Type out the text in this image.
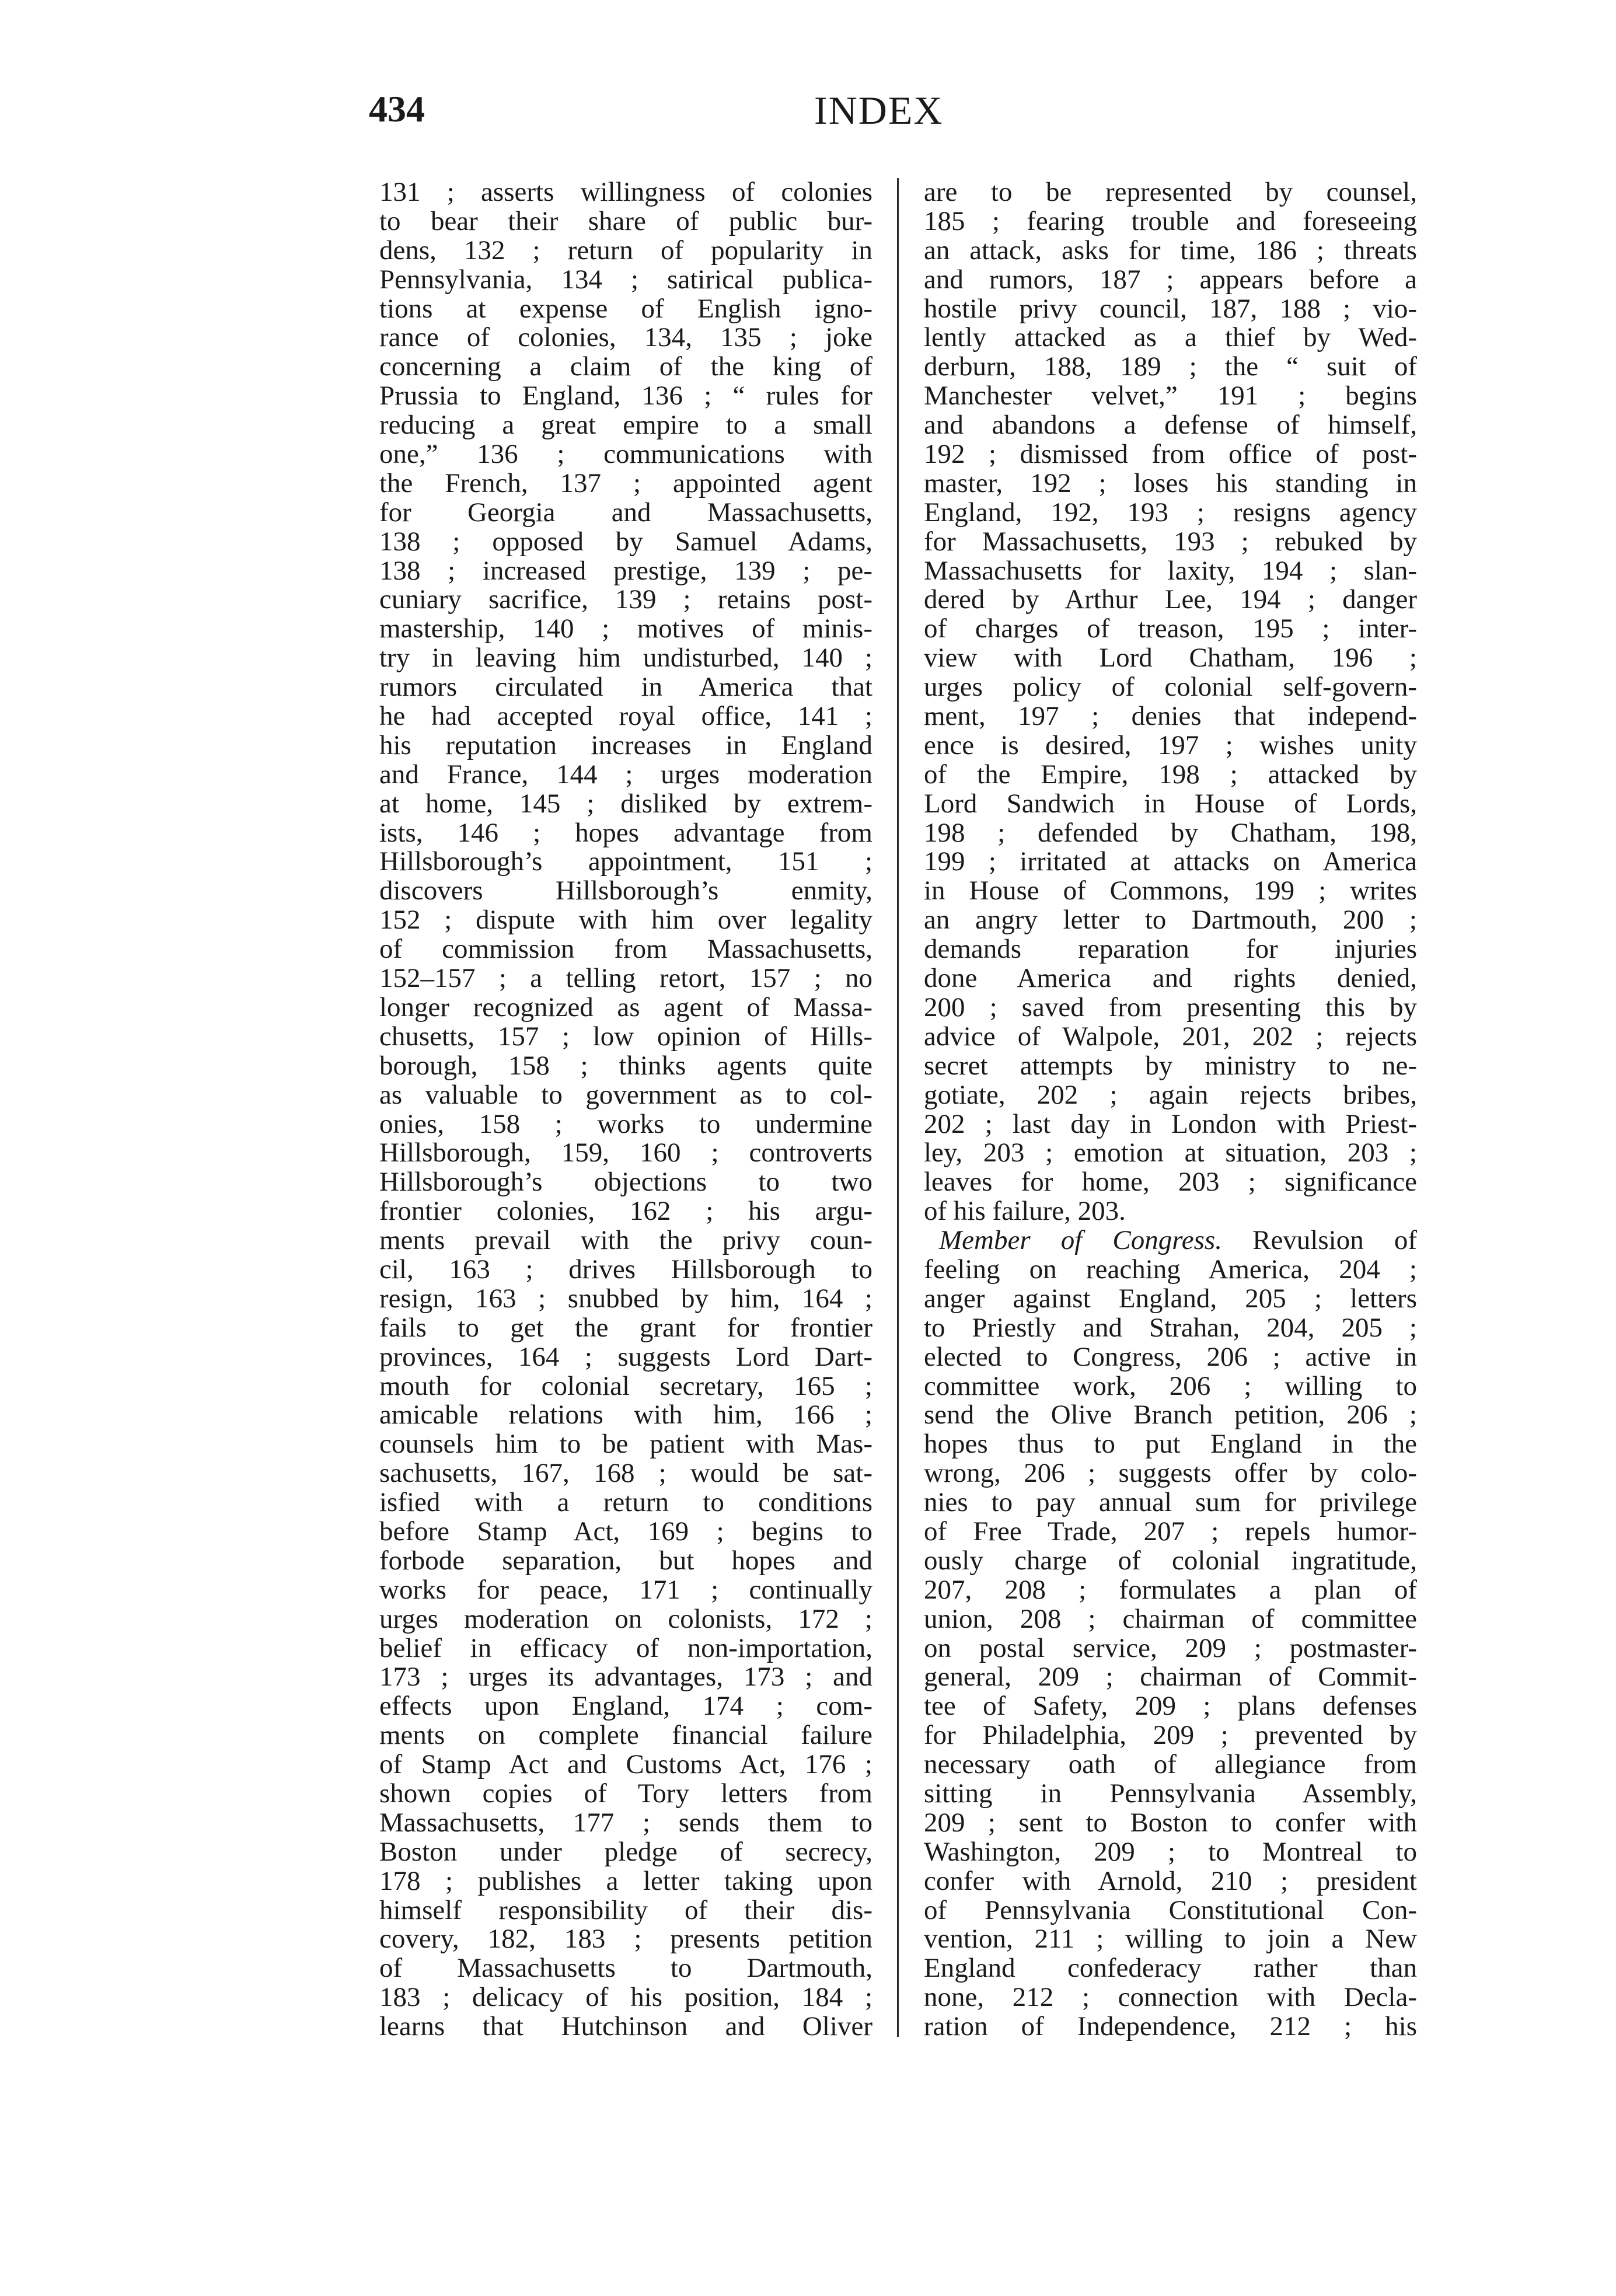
434	INDEX
131 ; asserts willingness of colonies
to bear their share of public bur-
dens, 132 ; return of popularity in
Pennsylvania, 134 ; satirical publica-
tions at expense of English igno-
rance of colonies, 134, 135 ; joke
concerning a claim of the king of
Prussia to England, 136 ; “ rules for
reducing a great empire to a small
one,” 136 ; communications with
the French, 137 ; appointed agent
for Georgia and Massachusetts,
138 ; opposed by Samuel Adams,
138 ; increased prestige, 139 ; pe-
cuniary sacrifice, 139 ; retains post-
mastership, 140 ; motives of minis-
try in leaving him undisturbed, 140 ;
rumors circulated in America that
he had accepted royal office, 141 ;
his reputation increases in England
and France, 144 ; urges moderation
at home, 145 ; disliked by extrem-
ists, 146 ; hopes advantage from
Hillsborough’s appointment, 151 ;
discovers Hillsborough’s enmity,
152 ; dispute with him over legality
of commission from Massachusetts,
152–157 ; a telling retort, 157 ; no
longer recognized as agent of Massa-
chusetts, 157 ; low opinion of Hills-
borough, 158 ; thinks agents quite
as valuable to government as to col-
onies, 158 ; works to undermine
Hillsborough, 159, 160 ; controverts
Hillsborough’s objections to two
frontier colonies, 162 ; his argu-
ments prevail with the privy coun-
cil, 163 ; drives Hillsborough to
resign, 163 ; snubbed by him, 164 ;
fails to get the grant for frontier
provinces, 164 ; suggests Lord Dart-
mouth for colonial secretary, 165 ;
amicable relations with him, 166 ;
counsels him to be patient with Mas-
sachusetts, 167, 168 ; would be sat-
isfied with a return to conditions
before Stamp Act, 169 ; begins to
forbode separation, but hopes and
works for peace, 171 ; continually
urges moderation on colonists, 172 ;
belief in efficacy of non-importation,
173 ; urges its advantages, 173 ; and
effects upon England, 174 ; com-
ments on complete financial failure
of Stamp Act and Customs Act, 176 ;
shown copies of Tory letters from
Massachusetts, 177 ; sends them to
Boston under pledge of secrecy,
178 ; publishes a letter taking upon
himself responsibility of their dis-
covery, 182, 183 ; presents petition
of Massachusetts to Dartmouth,
183 ; delicacy of his position, 184 ;
learns that Hutchinson and Oliver
are to be represented by counsel,
185 ; fearing trouble and foreseeing
an attack, asks for time, 186 ; threats
and rumors, 187 ; appears before a
hostile privy council, 187, 188 ; vio-
lently attacked as a thief by Wed-
derburn, 188, 189 ; the “ suit of
Manchester velvet,” 191 ; begins
and abandons a defense of himself,
192 ; dismissed from office of post-
master, 192 ; loses his standing in
England, 192, 193 ; resigns agency
for Massachusetts, 193 ; rebuked by
Massachusetts for laxity, 194 ; slan-
dered by Arthur Lee, 194 ; danger
of charges of treason, 195 ; inter-
view with Lord Chatham, 196 ;
urges policy of colonial self-govern-
ment, 197 ; denies that independ-
ence is desired, 197 ; wishes unity
of the Empire, 198 ; attacked by
Lord Sandwich in House of Lords,
198 ; defended by Chatham, 198,
199 ; irritated at attacks on America
in House of Commons, 199 ; writes
an angry letter to Dartmouth, 200 ;
demands reparation for injuries
done America and rights denied,
200 ; saved from presenting this by
advice of Walpole, 201, 202 ; rejects
secret attempts by ministry to ne-
gotiate, 202 ; again rejects bribes,
202 ; last day in London with Priest-
ley, 203 ; emotion at situation, 203 ;
leaves for home, 203 ; significance
of his failure, 203.
Member of Congress. Revulsion of
feeling on reaching America, 204 ;
anger against England, 205 ; letters
to Priestly and Strahan, 204, 205 ;
elected to Congress, 206 ; active in
committee work, 206 ; willing to
send the Olive Branch petition, 206 ;
hopes thus to put England in the
wrong, 206 ; suggests offer by colo-
nies to pay annual sum for privilege
of Free Trade, 207 ; repels humor-
ously charge of colonial ingratitude,
207, 208 ; formulates a plan of
union, 208 ; chairman of committee
on postal service, 209 ; postmaster-
general, 209 ; chairman of Commit-
tee of Safety, 209 ; plans defenses
for Philadelphia, 209 ; prevented by
necessary oath of allegiance from
sitting in Pennsylvania Assembly,
209 ; sent to Boston to confer with
Washington, 209 ; to Montreal to
confer with Arnold, 210 ; president
of Pennsylvania Constitutional Con-
vention, 211 ; willing to join a New
England confederacy rather than
none, 212 ; connection with Decla-
ration of Independence, 212 ; his
